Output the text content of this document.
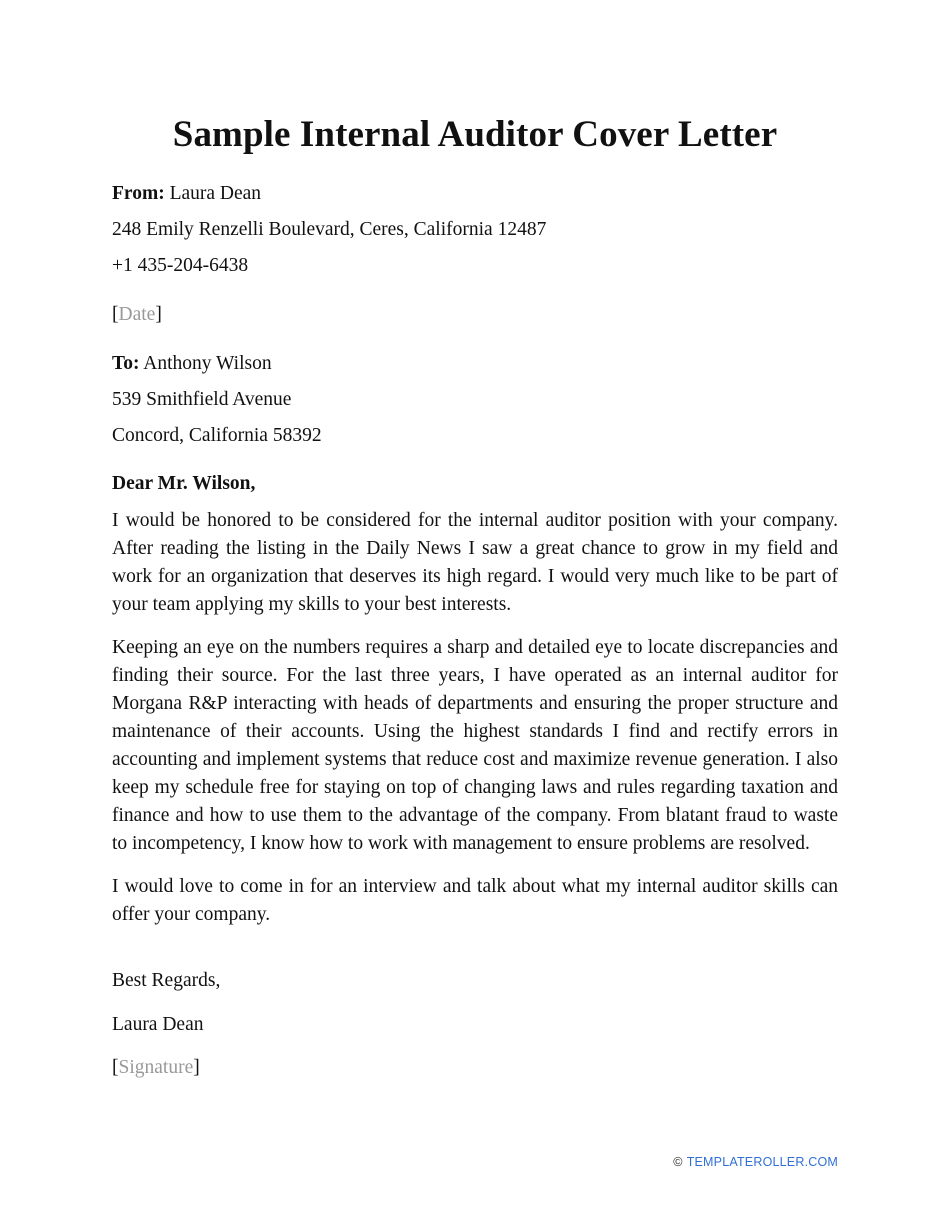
Sample Internal Auditor Cover Letter
From: Laura Dean
248 Emily Renzelli Boulevard, Ceres, California 12487
+1 435-204-6438
[Date]
To: Anthony Wilson
539 Smithfield Avenue
Concord, California 58392
Dear Mr. Wilson,

I would be honored to be considered for the internal auditor position with your company. After reading the listing in the Daily News I saw a great chance to grow in my field and work for an organization that deserves its high regard. I would very much like to be part of your team applying my skills to your best interests.

Keeping an eye on the numbers requires a sharp and detailed eye to locate discrepancies and finding their source. For the last three years, I have operated as an internal auditor for Morgana R&P interacting with heads of departments and ensuring the proper structure and maintenance of their accounts. Using the highest standards I find and rectify errors in accounting and implement systems that reduce cost and maximize revenue generation. I also keep my schedule free for staying on top of changing laws and rules regarding taxation and finance and how to use them to the advantage of the company. From blatant fraud to waste to incompetency, I know how to work with management to ensure problems are resolved.

I would love to come in for an interview and talk about what my internal auditor skills can offer your company.

Best Regards,
Laura Dean
[Signature]
© TEMPLATEROLLER.COM
